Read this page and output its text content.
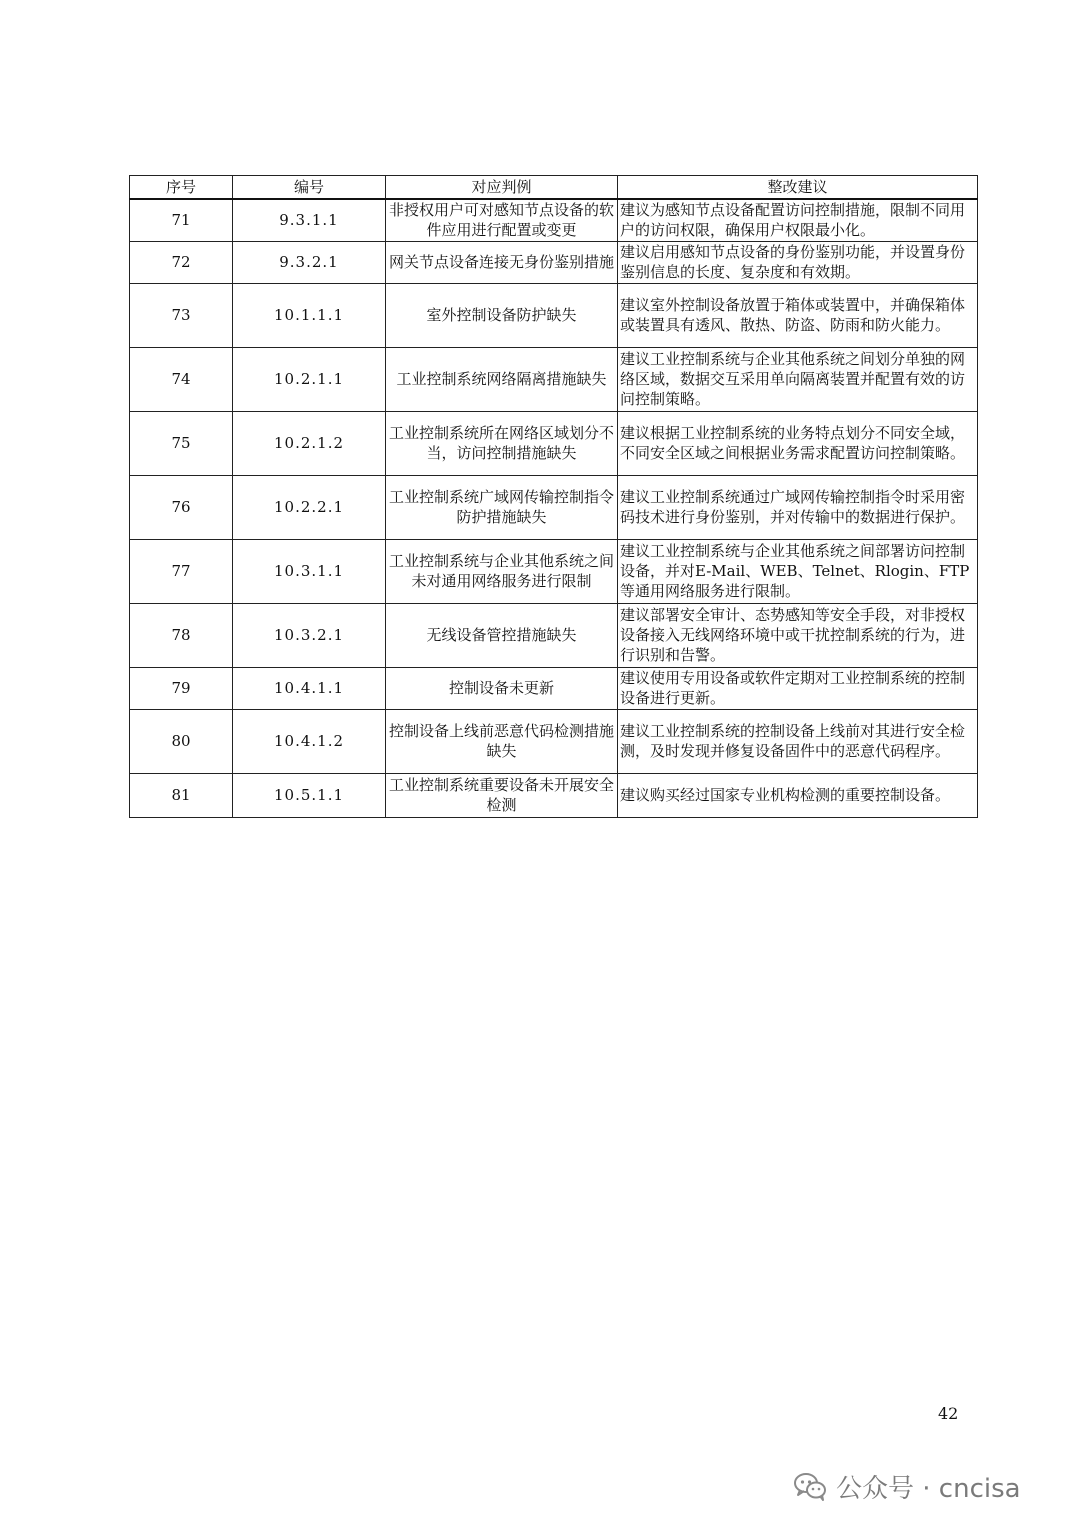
序号	编号	对应判例	整改建议
71	9.3.1.1	非授权用户可对感知节点设备的软件应用进行配置或变更	建议为感知节点设备配置访问控制措施，限制不同用户的访问权限，确保用户权限最小化。
72	9.3.2.1	网关节点设备连接无身份鉴别措施	建议启用感知节点设备的身份鉴别功能，并设置身份鉴别信息的长度、复杂度和有效期。
73	10.1.1.1	室外控制设备防护缺失	建议室外控制设备放置于箱体或装置中，并确保箱体或装置具有透风、散热、防盗、防雨和防火能力。
74	10.2.1.1	工业控制系统网络隔离措施缺失	建议工业控制系统与企业其他系统之间划分单独的网络区域，数据交互采用单向隔离装置并配置有效的访问控制策略。
75	10.2.1.2	工业控制系统所在网络区域划分不当，访问控制措施缺失	建议根据工业控制系统的业务特点划分不同安全域，不同安全区域之间根据业务需求配置访问控制策略。
76	10.2.2.1	工业控制系统广域网传输控制指令防护措施缺失	建议工业控制系统通过广域网传输控制指令时采用密码技术进行身份鉴别，并对传输中的数据进行保护。
77	10.3.1.1	工业控制系统与企业其他系统之间未对通用网络服务进行限制	建议工业控制系统与企业其他系统之间部署访问控制设备，并对E-Mail、WEB、Telnet、Rlogin、FTP等通用网络服务进行限制。
78	10.3.2.1	无线设备管控措施缺失	建议部署安全审计、态势感知等安全手段，对非授权设备接入无线网络环境中或干扰控制系统的行为，进行识别和告警。
79	10.4.1.1	控制设备未更新	建议使用专用设备或软件定期对工业控制系统的控制设备进行更新。
80	10.4.1.2	控制设备上线前恶意代码检测措施缺失	建议工业控制系统的控制设备上线前对其进行安全检测，及时发现并修复设备固件中的恶意代码程序。
81	10.5.1.1	工业控制系统重要设备未开展安全检测	建议购买经过国家专业机构检测的重要控制设备。
42
公众号 · cncisa
